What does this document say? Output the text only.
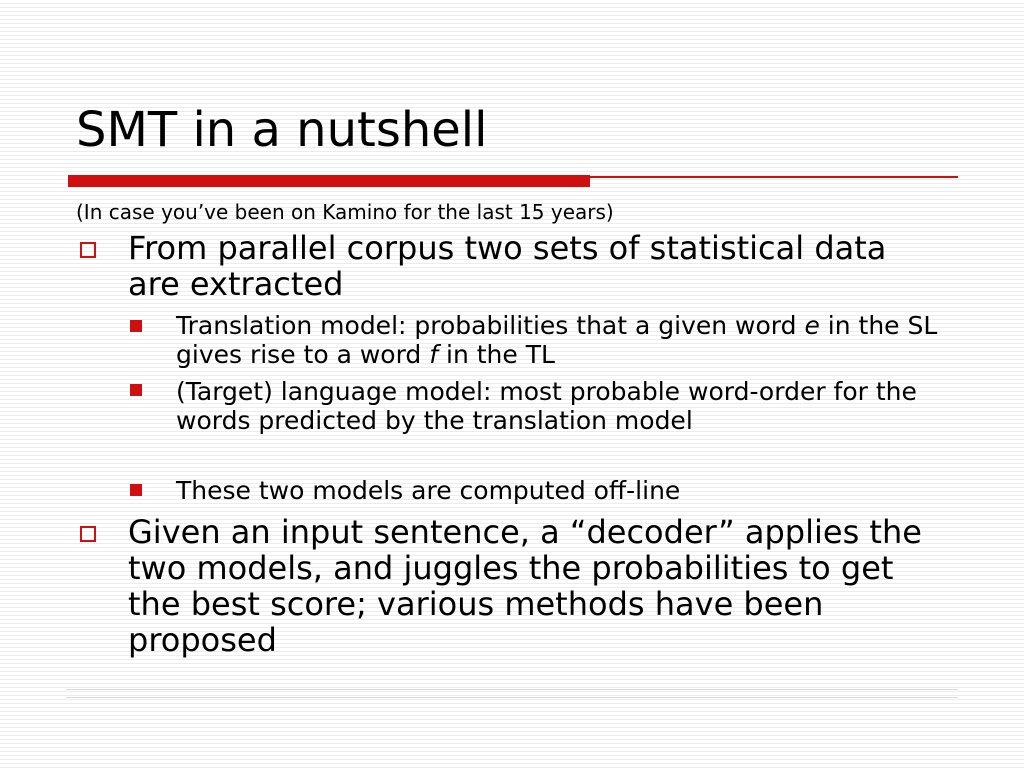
SMT in a nutshell
(In case you’ve been on Kamino for the last 15 years)
From parallel corpus two sets of statistical data are extracted
Translation model: probabilities that a given word e in the SL gives rise to a word f in the TL
(Target) language model: most probable word-order for the words predicted by the translation model
These two models are computed off-line
Given an input sentence, a “decoder” applies the two models, and juggles the probabilities to get the best score; various methods have been proposed
